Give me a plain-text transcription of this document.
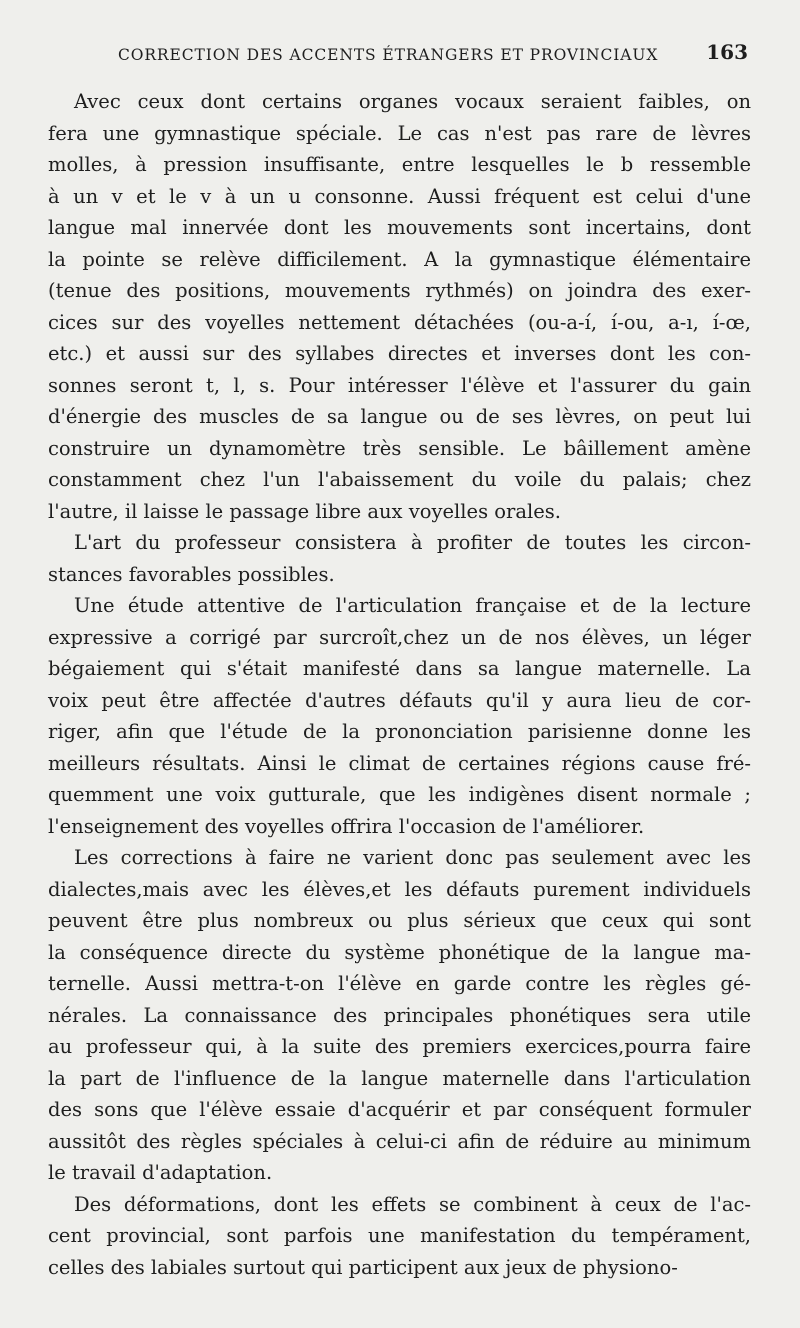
CORRECTION DES ACCENTS ÉTRANGERS ET PROVINCIAUX 163
Avec ceux dont certains organes vocaux seraient faibles, on
fera une gymnastique spéciale. Le cas n'est pas rare de lèvres
molles, à pression insuffisante, entre lesquelles le b ressemble
à un v et le v à un u consonne. Aussi fréquent est celui d'une
langue mal innervée dont les mouvements sont incertains, dont
la pointe se relève difficilement. A la gymnastique élémentaire
(tenue des positions, mouvements rythmés) on joindra des exer-
cices sur des voyelles nettement détachées (ou-a-í, í-ou, a-ı, í-œ,
etc.) et aussi sur des syllabes directes et inverses dont les con-
sonnes seront t, l, s. Pour intéresser l'élève et l'assurer du gain
d'énergie des muscles de sa langue ou de ses lèvres, on peut lui
construire un dynamomètre très sensible. Le bâillement amène
constamment chez l'un l'abaissement du voile du palais; chez
l'autre, il laisse le passage libre aux voyelles orales.
L'art du professeur consistera à profiter de toutes les circon-
stances favorables possibles.
Une étude attentive de l'articulation française et de la lecture
expressive a corrigé par surcroît,chez un de nos élèves, un léger
bégaiement qui s'était manifesté dans sa langue maternelle. La
voix peut être affectée d'autres défauts qu'il y aura lieu de cor-
riger, afin que l'étude de la prononciation parisienne donne les
meilleurs résultats. Ainsi le climat de certaines régions cause fré-
quemment une voix gutturale, que les indigènes disent normale ;
l'enseignement des voyelles offrira l'occasion de l'améliorer.
Les corrections à faire ne varient donc pas seulement avec les
dialectes,mais avec les élèves,et les défauts purement individuels
peuvent être plus nombreux ou plus sérieux que ceux qui sont
la conséquence directe du système phonétique de la langue ma-
ternelle. Aussi mettra-t-on l'élève en garde contre les règles gé-
nérales. La connaissance des principales phonétiques sera utile
au professeur qui, à la suite des premiers exercices,pourra faire
la part de l'influence de la langue maternelle dans l'articulation
des sons que l'élève essaie d'acquérir et par conséquent formuler
aussitôt des règles spéciales à celui-ci afin de réduire au minimum
le travail d'adaptation.
Des déformations, dont les effets se combinent à ceux de l'ac-
cent provincial, sont parfois une manifestation du tempérament,
celles des labiales surtout qui participent aux jeux de physiono-
